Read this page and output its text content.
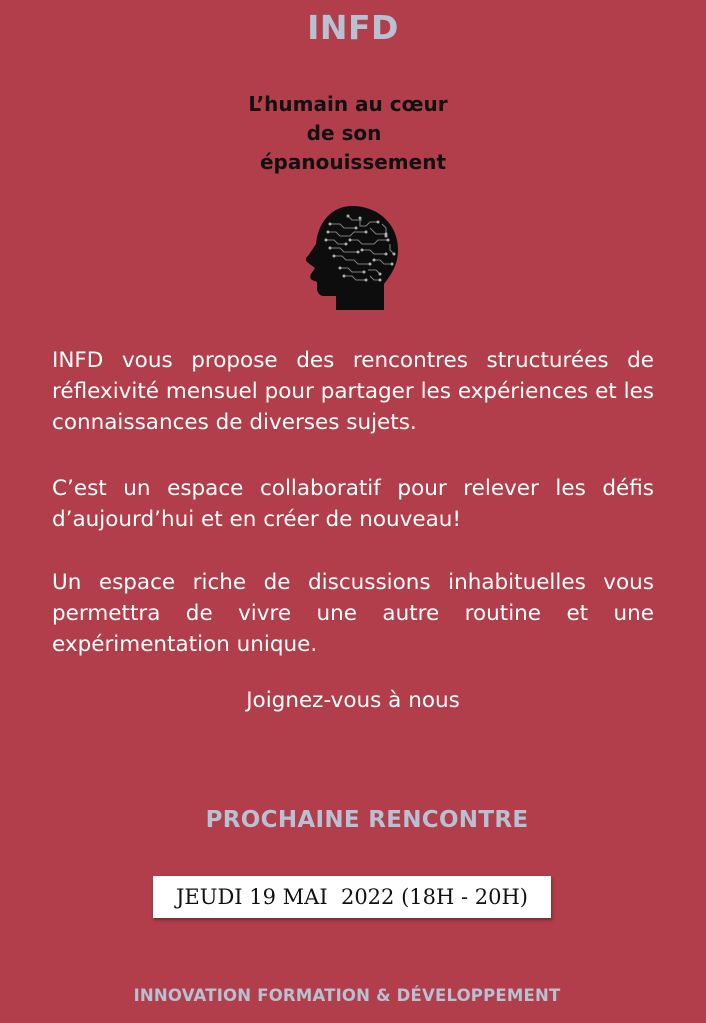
INFD
L’humain au cœur
de son
épanouissement
INFD vous propose des rencontres structurées de réflexivité mensuel pour partager les expériences et les connaissances de diverses sujets.
C’est un espace collaboratif pour relever les défis d’aujourd’hui et en créer de nouveau!
Un espace riche de discussions inhabituelles vous permettra de vivre une autre routine et une expérimentation unique.
Joignez-vous à nous
PROCHAINE RENCONTRE
JEUDI 19 MAI  2022 (18H - 20H)
INNOVATION FORMATION & DÉVELOPPEMENT
